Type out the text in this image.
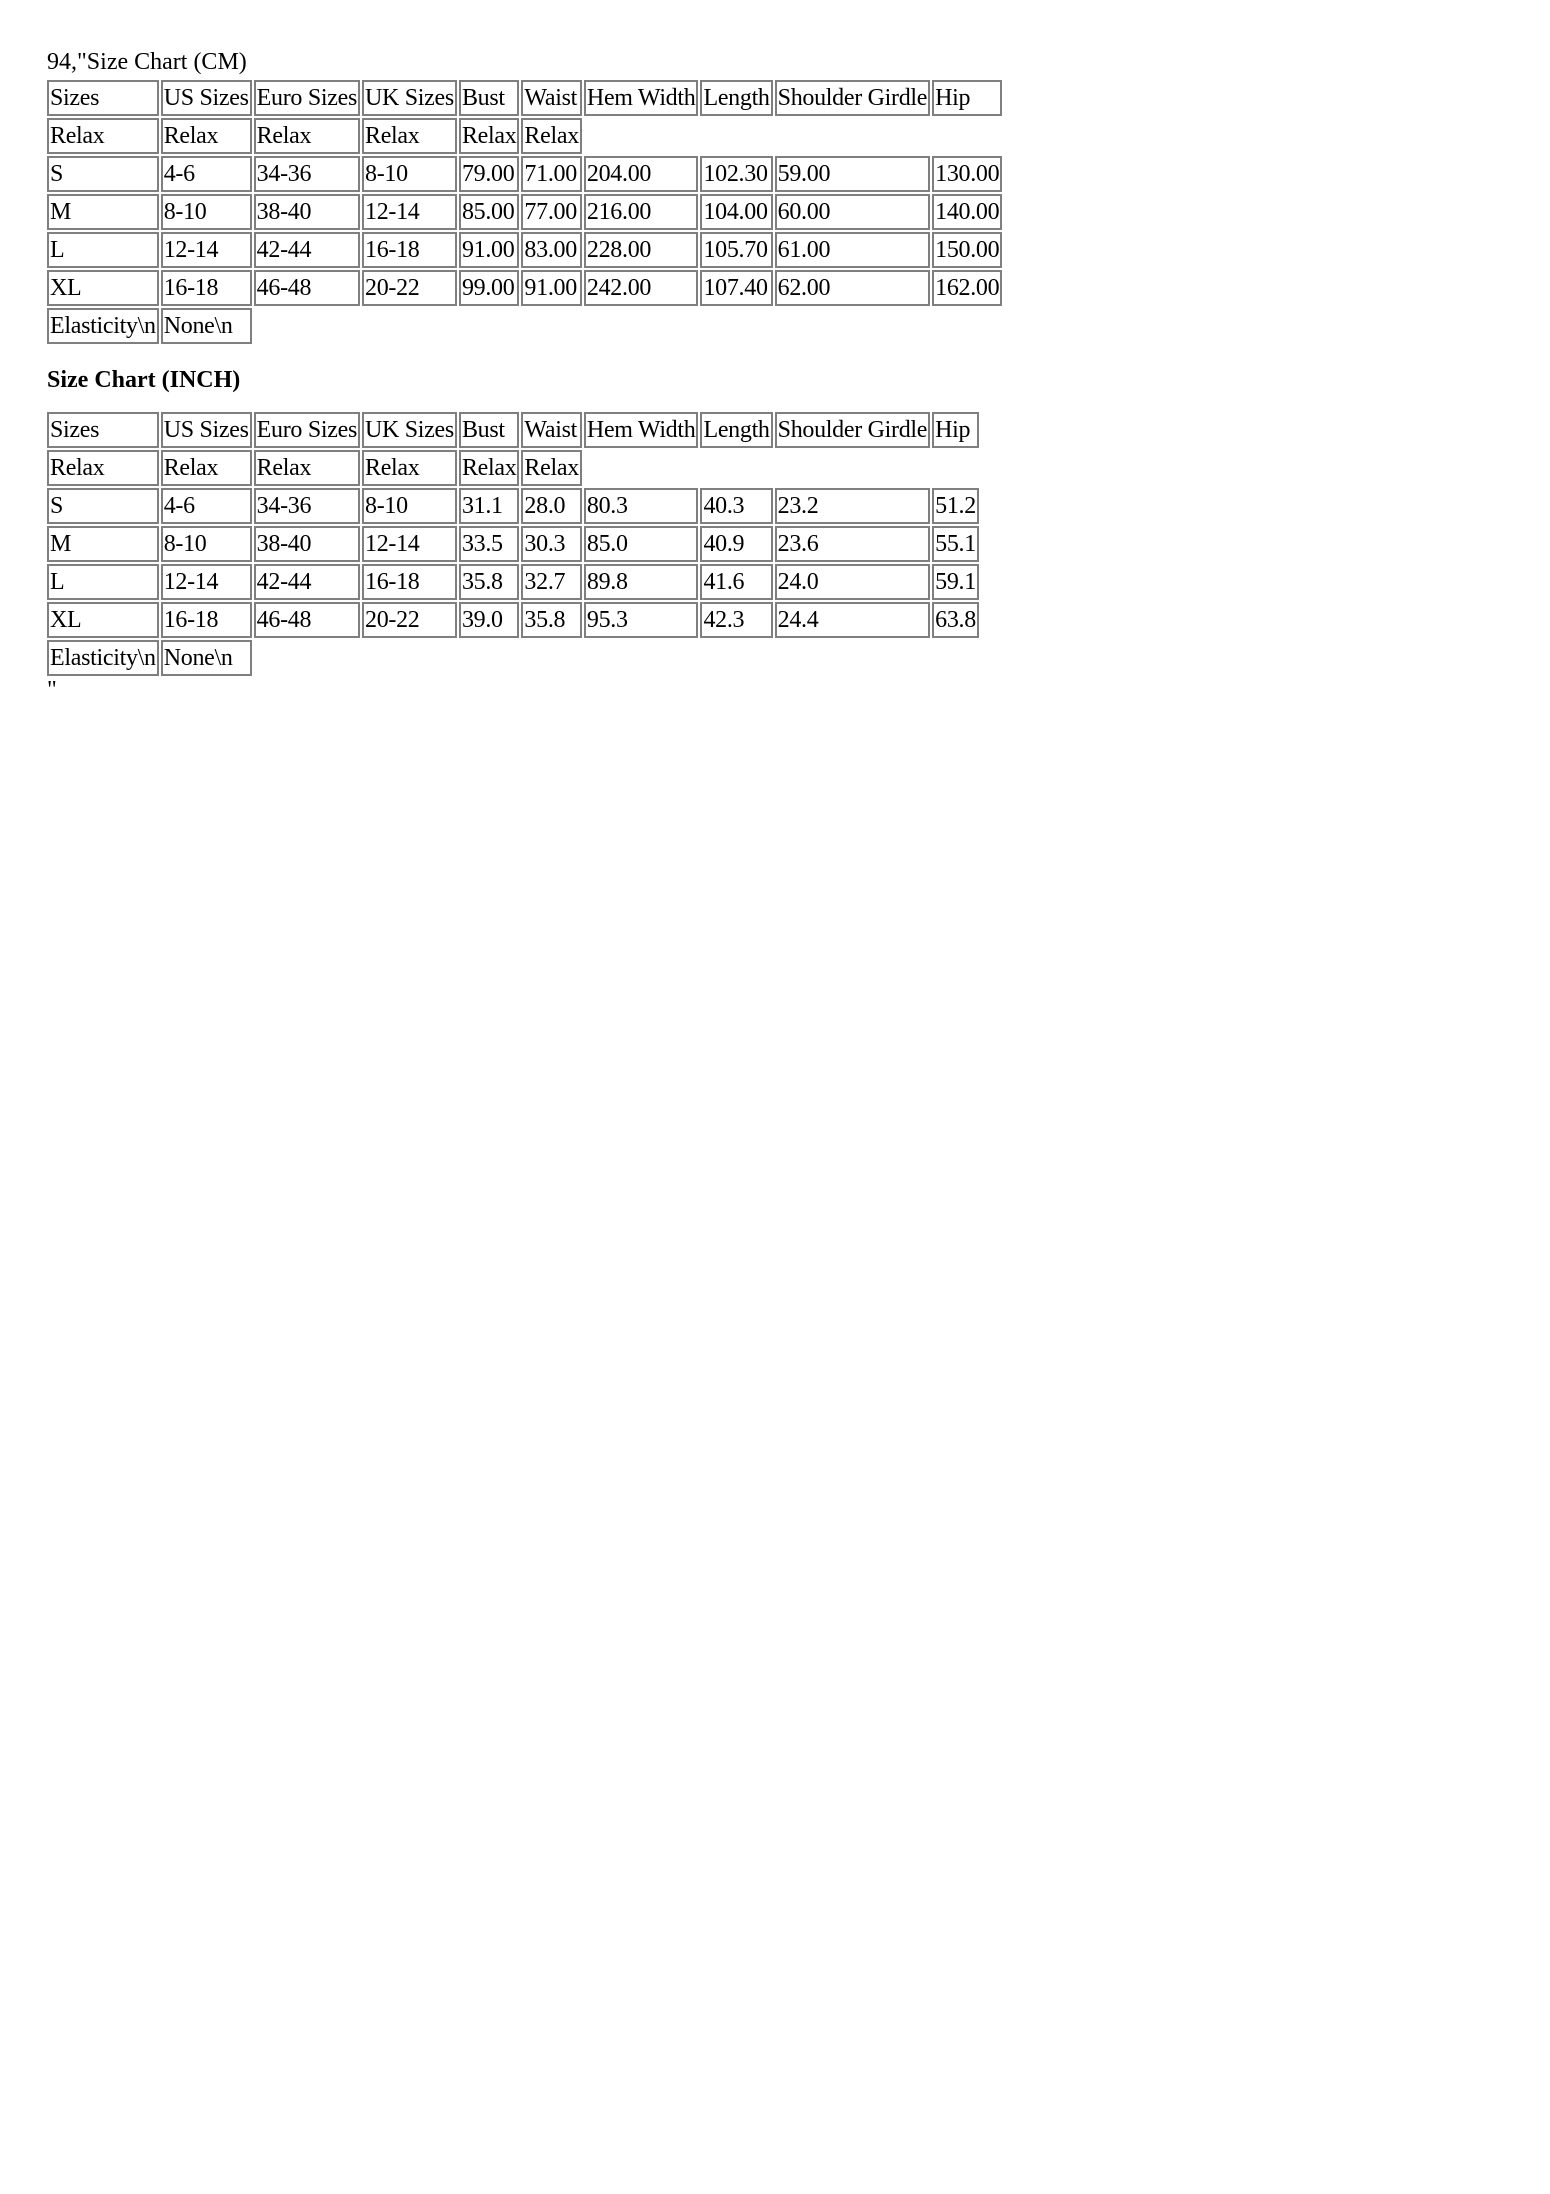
94,"Size Chart (CM)
Sizes	US Sizes	Euro Sizes	UK Sizes	Bust	Waist	Hem Width	Length	Shoulder Girdle	Hip
Relax	Relax	Relax	Relax	Relax	Relax				
S	4-6	34-36	8-10	79.00	71.00	204.00	102.30	59.00	130.00
M	8-10	38-40	12-14	85.00	77.00	216.00	104.00	60.00	140.00
L	12-14	42-44	16-18	91.00	83.00	228.00	105.70	61.00	150.00
XL	16-18	46-48	20-22	99.00	91.00	242.00	107.40	62.00	162.00
Elasticity\n	None\n								
Size Chart (INCH)
Sizes	US Sizes	Euro Sizes	UK Sizes	Bust	Waist	Hem Width	Length	Shoulder Girdle	Hip
Relax	Relax	Relax	Relax	Relax	Relax				
S	4-6	34-36	8-10	31.1	28.0	80.3	40.3	23.2	51.2
M	8-10	38-40	12-14	33.5	30.3	85.0	40.9	23.6	55.1
L	12-14	42-44	16-18	35.8	32.7	89.8	41.6	24.0	59.1
XL	16-18	46-48	20-22	39.0	35.8	95.3	42.3	24.4	63.8
Elasticity\n	None\n								
"
